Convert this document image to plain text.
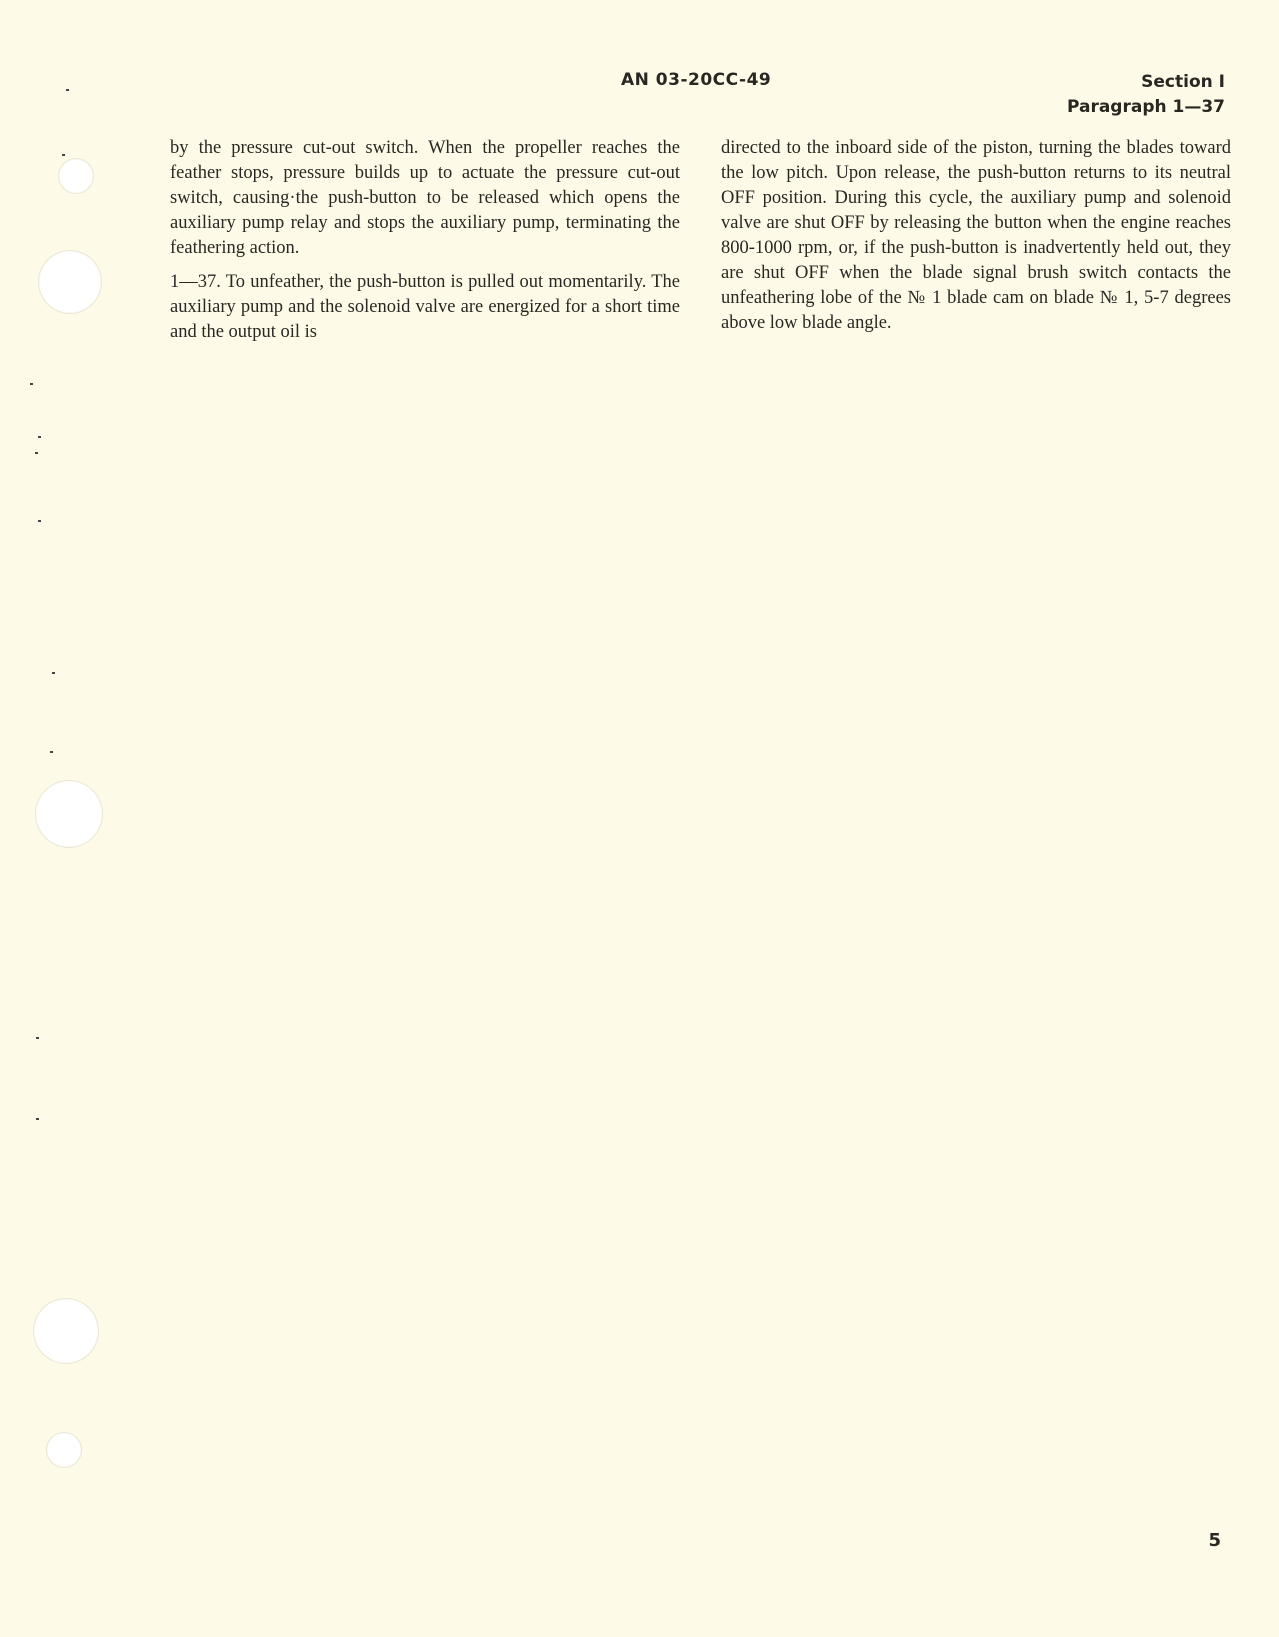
AN 03-20CC-49	Section I
Paragraph 1—37

by the pressure cut-out switch. When the propeller reaches the feather stops, pressure builds up to actuate the pressure cut-out switch, causing·the push-button to be released which opens the auxiliary pump relay and stops the auxiliary pump, terminating the feathering action.

1—37. To unfeather, the push-button is pulled out momentarily. The auxiliary pump and the solenoid valve are energized for a short time and the output oil is

directed to the inboard side of the piston, turning the blades toward the low pitch. Upon release, the push-button returns to its neutral OFF position. During this cycle, the auxiliary pump and solenoid valve are shut OFF by releasing the button when the engine reaches 800-1000 rpm, or, if the push-button is inadvertently held out, they are shut OFF when the blade signal brush switch contacts the unfeathering lobe of the № 1 blade cam on blade № 1, 5-7 degrees above low blade angle.

5
